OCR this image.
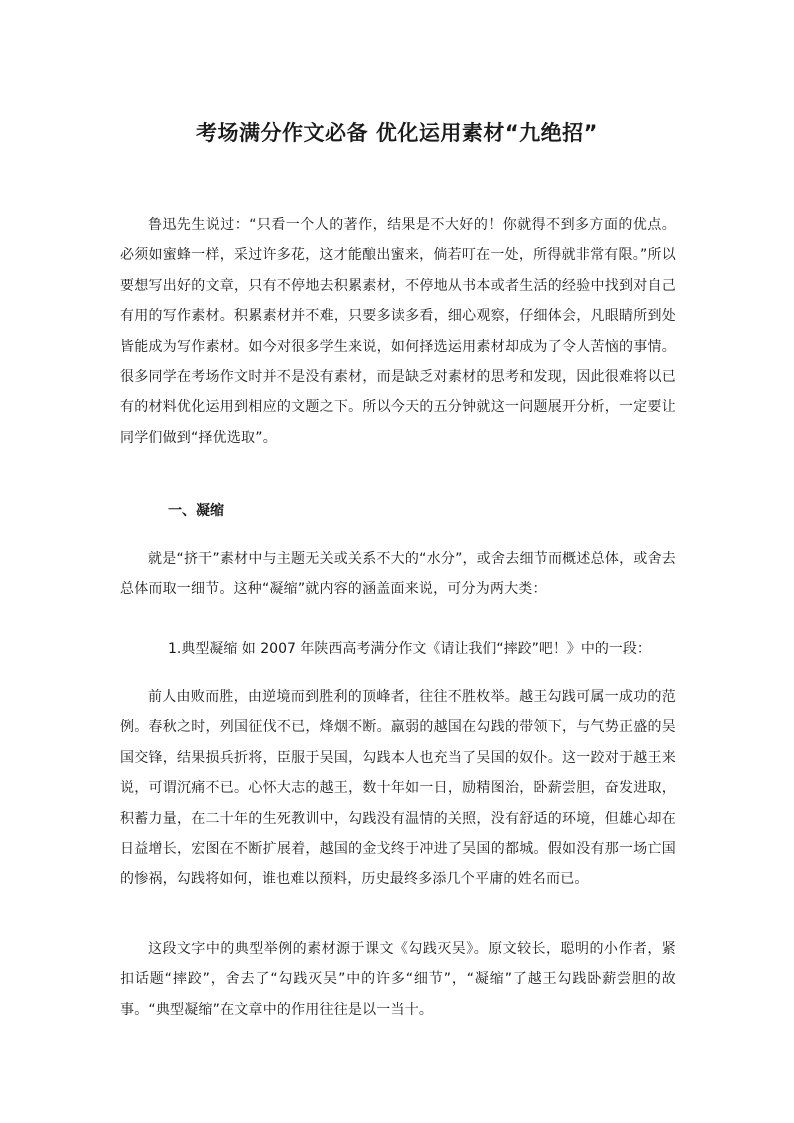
考场满分作文必备 优化运用素材“九绝招”

鲁迅先生说过：“只看一个人的著作，结果是不大好的！你就得不到多方面的优点。必须如蜜蜂一样，采过许多花，这才能酿出蜜来，倘若叮在一处，所得就非常有限。”所以要想写出好的文章，只有不停地去积累素材，不停地从书本或者生活的经验中找到对自己有用的写作素材。积累素材并不难，只要多读多看，细心观察，仔细体会，凡眼睛所到处皆能成为写作素材。如今对很多学生来说，如何择选运用素材却成为了令人苦恼的事情。很多同学在考场作文时并不是没有素材，而是缺乏对素材的思考和发现，因此很难将以已有的材料优化运用到相应的文题之下。所以今天的五分钟就这一问题展开分析，一定要让同学们做到“择优选取”。

一、凝缩

就是“挤干”素材中与主题无关或关系不大的“水分”，或舍去细节而概述总体，或舍去总体而取一细节。这种“凝缩”就内容的涵盖面来说，可分为两大类：

1.典型凝缩 如 2007 年陕西高考满分作文《请让我们“摔跤”吧！》中的一段：

前人由败而胜，由逆境而到胜利的顶峰者，往往不胜枚举。越王勾践可属一成功的范例。春秋之时，列国征伐不已，烽烟不断。羸弱的越国在勾践的带领下，与气势正盛的吴国交锋，结果损兵折将，臣服于吴国，勾践本人也充当了吴国的奴仆。这一跤对于越王来说，可谓沉痛不已。心怀大志的越王，数十年如一日，励精图治，卧薪尝胆，奋发进取，积蓄力量，在二十年的生死教训中，勾践没有温情的关照，没有舒适的环境，但雄心却在日益增长，宏图在不断扩展着，越国的金戈终于冲进了吴国的都城。假如没有那一场亡国的惨祸，勾践将如何，谁也难以预料，历史最终多添几个平庸的姓名而已。

这段文字中的典型举例的素材源于课文《勾践灭吴》。原文较长，聪明的小作者，紧扣话题“摔跤”，舍去了“勾践灭吴”中的许多“细节”，“凝缩”了越王勾践卧薪尝胆的故事。“典型凝缩”在文章中的作用往往是以一当十。
